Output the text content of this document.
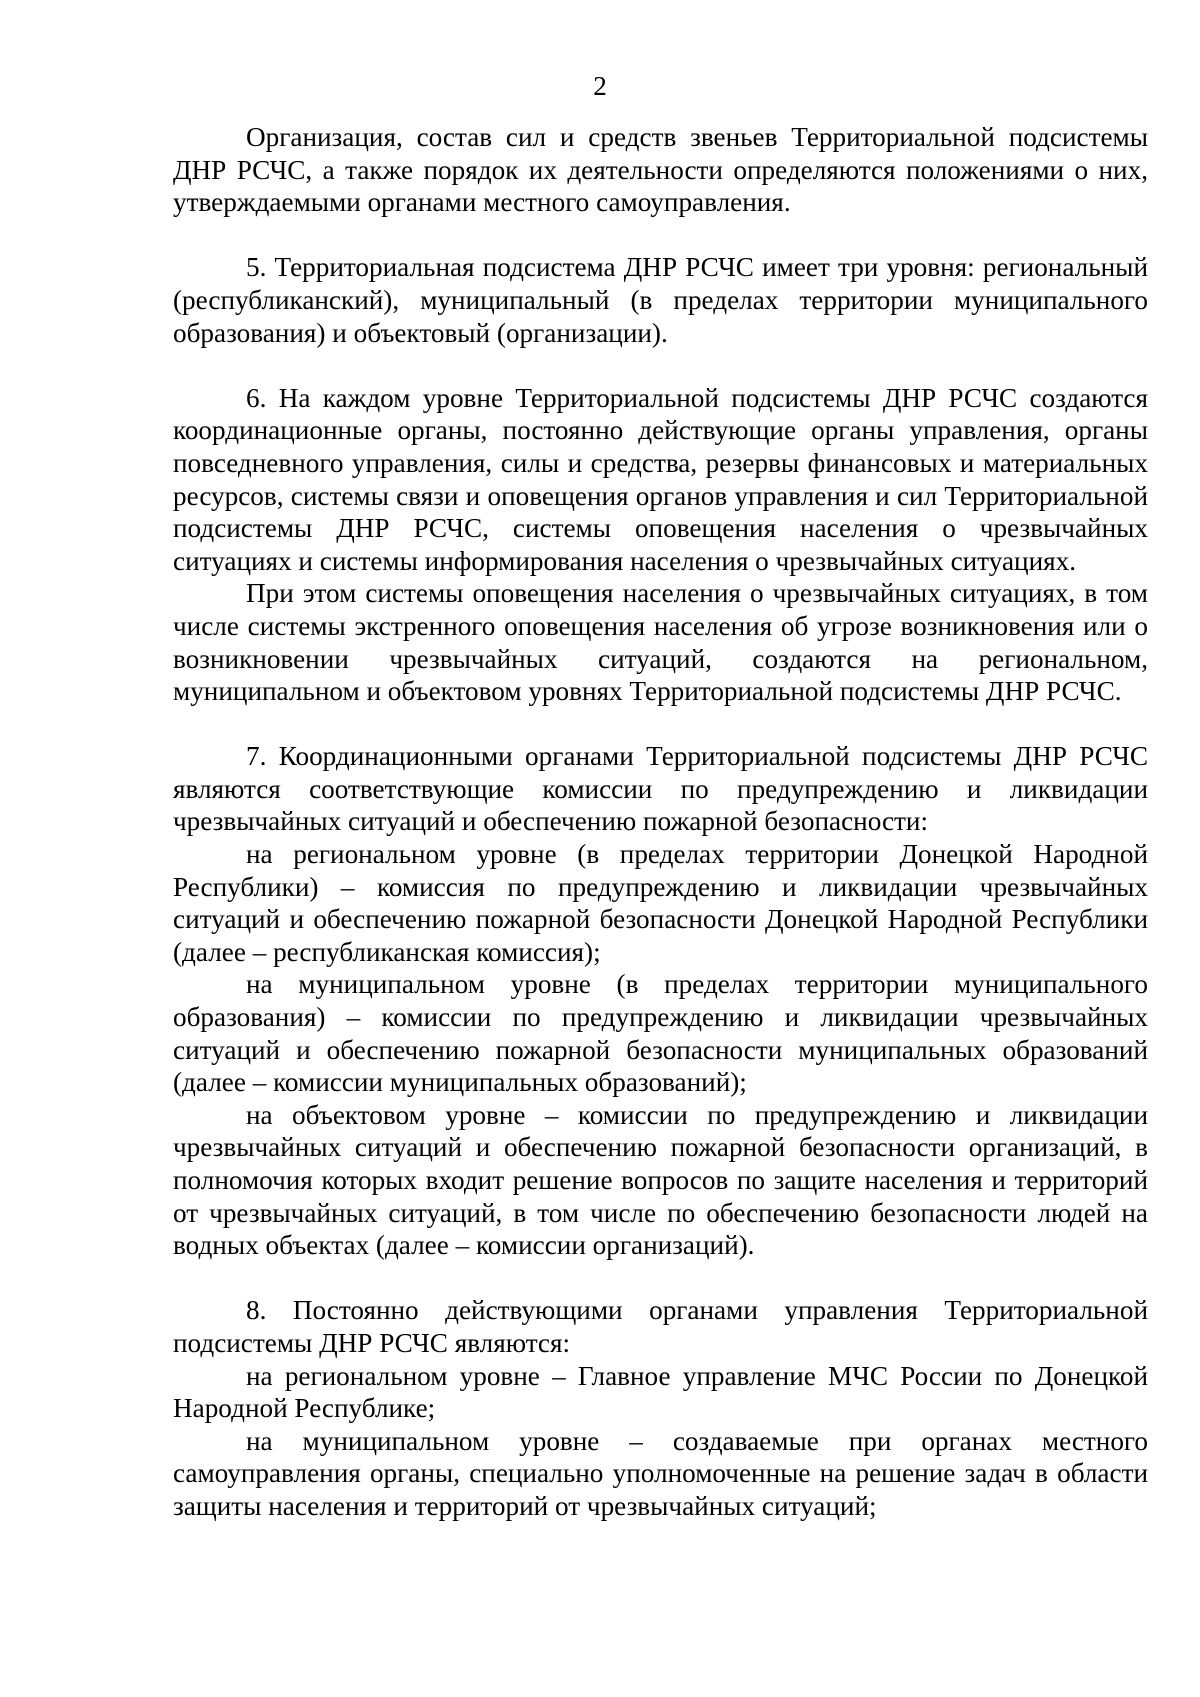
2

Организация, состав сил и средств звеньев Территориальной подсистемы ДНР РСЧС, а также порядок их деятельности определяются положениями о них, утверждаемыми органами местного самоуправления.

5. Территориальная подсистема ДНР РСЧС имеет три уровня: региональный (республиканский), муниципальный (в пределах территории муниципального образования) и объектовый (организации).

6. На каждом уровне Территориальной подсистемы ДНР РСЧС создаются координационные органы, постоянно действующие органы управления, органы повседневного управления, силы и средства, резервы финансовых и материальных ресурсов, системы связи и оповещения органов управления и сил Территориальной подсистемы ДНР РСЧС, системы оповещения населения о чрезвычайных ситуациях и системы информирования населения о чрезвычайных ситуациях.

При этом системы оповещения населения о чрезвычайных ситуациях, в том числе системы экстренного оповещения населения об угрозе возникновения или о возникновении чрезвычайных ситуаций, создаются на региональном, муниципальном и объектовом уровнях Территориальной подсистемы ДНР РСЧС.

7. Координационными органами Территориальной подсистемы ДНР РСЧС являются соответствующие комиссии по предупреждению и ликвидации чрезвычайных ситуаций и обеспечению пожарной безопасности:

на региональном уровне (в пределах территории Донецкой Народной Республики) – комиссия по предупреждению и ликвидации чрезвычайных ситуаций и обеспечению пожарной безопасности Донецкой Народной Республики (далее – республиканская комиссия);

на муниципальном уровне (в пределах территории муниципального образования) – комиссии по предупреждению и ликвидации чрезвычайных ситуаций и обеспечению пожарной безопасности муниципальных образований (далее – комиссии муниципальных образований);

на объектовом уровне – комиссии по предупреждению и ликвидации чрезвычайных ситуаций и обеспечению пожарной безопасности организаций, в полномочия которых входит решение вопросов по защите населения и территорий от чрезвычайных ситуаций, в том числе по обеспечению безопасности людей на водных объектах (далее – комиссии организаций).

8. Постоянно действующими органами управления Территориальной подсистемы ДНР РСЧС являются:

на региональном уровне – Главное управление МЧС России по Донецкой Народной Республике;

на муниципальном уровне – создаваемые при органах местного самоуправления органы, специально уполномоченные на решение задач в области защиты населения и территорий от чрезвычайных ситуаций;
